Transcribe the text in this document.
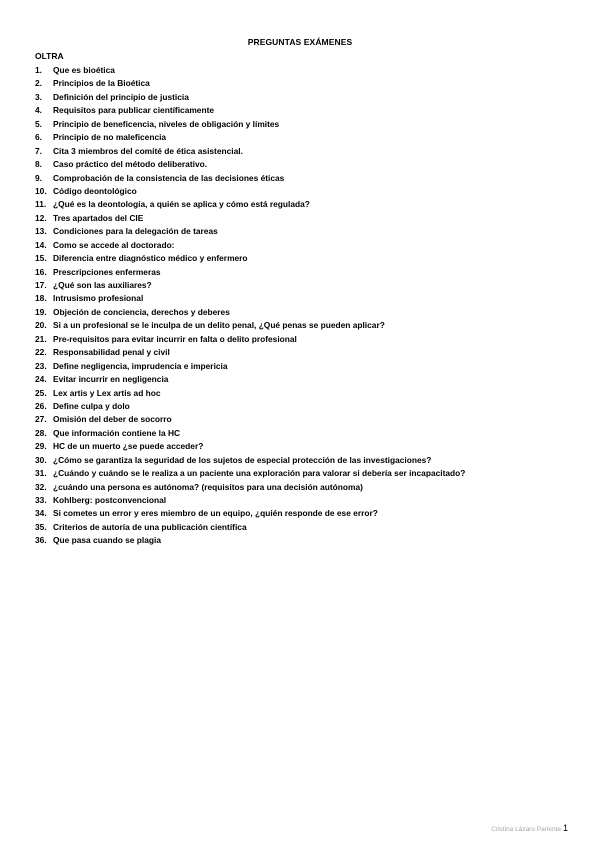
PREGUNTAS EXÁMENES
OLTRA
1.	Que es bioética
2.	Principios de la Bioética
3.	Definición del principio de justicia
4.	Requisitos para publicar científicamente
5.	Principio de beneficencia, niveles de obligación y límites
6.	Principio de no maleficencia
7.	Cita 3 miembros del comité de ética asistencial.
8.	Caso práctico del método deliberativo.
9.	Comprobación de la consistencia de las decisiones éticas
10. Código deontológico
11. ¿Qué es la deontología, a quién se aplica y cómo está regulada?
12. Tres apartados del CIE
13. Condiciones para la delegación de tareas
14. Como se accede al doctorado:
15. Diferencia entre diagnóstico médico y enfermero
16. Prescripciones enfermeras
17. ¿Qué son las auxiliares?
18. Intrusismo profesional
19. Objeción de conciencia, derechos y deberes
20. Si a un profesional se le inculpa de un delito penal, ¿Qué penas se pueden aplicar?
21. Pre-requisitos para evitar incurrir en falta o delito profesional
22. Responsabilidad penal y civil
23. Define negligencia, imprudencia e impericia
24. Evitar incurrir en negligencia
25. Lex artis y Lex artis ad hoc
26. Define culpa y dolo
27. Omisión del deber de socorro
28. Que información contiene la HC
29. HC de un muerto ¿se puede acceder?
30. ¿Cómo se garantiza la seguridad de los sujetos de especial protección de las investigaciones?
31. ¿Cuándo y cuándo se le realiza a un paciente una exploración para valorar si debería ser incapacitado?
32. ¿cuándo una persona es autónoma? (requisitos para una decisión autónoma)
33. Kohlberg: postconvencional
34. Si cometes un error y eres miembro de un equipo, ¿quién responde de ese error?
35. Criterios de autoría de una publicación científica
36. Que pasa cuando se plagia
Cristina Lázaro Pariente 1
